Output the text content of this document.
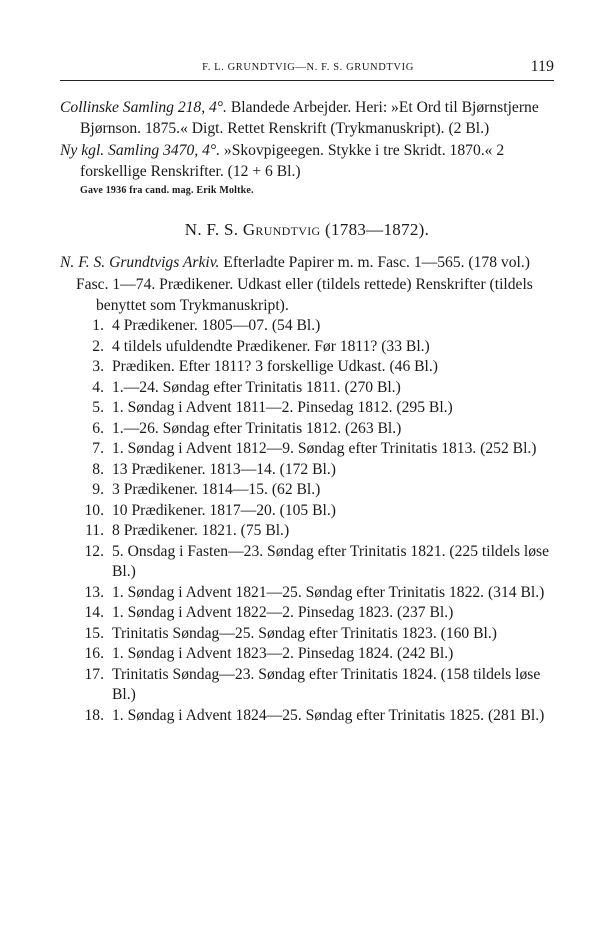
F. L. GRUNDTVIG—N. F. S. GRUNDTVIG	119

Collinske Samling 218, 4°. Blandede Arbejder. Heri: »Et Ord til Bjørnstjerne Bjørnson. 1875.« Digt. Rettet Renskrift (Trykmanuskript). (2 Bl.)

Ny kgl. Samling 3470, 4°. »Skovpigeegen. Stykke i tre Skridt. 1870.« 2 forskellige Renskrifter. (12 + 6 Bl.)

Gave 1936 fra cand. mag. Erik Moltke.

N. F. S. Grundtvig (1783—1872).

N. F. S. Grundtvigs Arkiv. Efterladte Papirer m. m. Fasc. 1—565. (178 vol.)

Fasc. 1—74. Prædikener. Udkast eller (tildels rettede) Renskrifter (tildels benyttet som Trykmanuskript).

1. 4 Prædikener. 1805—07. (54 Bl.)
2. 4 tildels ufuldendte Prædikener. Før 1811? (33 Bl.)
3. Prædiken. Efter 1811? 3 forskellige Udkast. (46 Bl.)
4. 1.—24. Søndag efter Trinitatis 1811. (270 Bl.)
5. 1. Søndag i Advent 1811—2. Pinsedag 1812. (295 Bl.)
6. 1.—26. Søndag efter Trinitatis 1812. (263 Bl.)
7. 1. Søndag i Advent 1812—9. Søndag efter Trinitatis 1813. (252 Bl.)
8. 13 Prædikener. 1813—14. (172 Bl.)
9. 3 Prædikener. 1814—15. (62 Bl.)
10. 10 Prædikener. 1817—20. (105 Bl.)
11. 8 Prædikener. 1821. (75 Bl.)
12. 5. Onsdag i Fasten—23. Søndag efter Trinitatis 1821. (225 tildels løse Bl.)
13. 1. Søndag i Advent 1821—25. Søndag efter Trinitatis 1822. (314 Bl.)
14. 1. Søndag i Advent 1822—2. Pinsedag 1823. (237 Bl.)
15. Trinitatis Søndag—25. Søndag efter Trinitatis 1823. (160 Bl.)
16. 1. Søndag i Advent 1823—2. Pinsedag 1824. (242 Bl.)
17. Trinitatis Søndag—23. Søndag efter Trinitatis 1824. (158 tildels løse Bl.)
18. 1. Søndag i Advent 1824—25. Søndag efter Trinitatis 1825. (281 Bl.)
